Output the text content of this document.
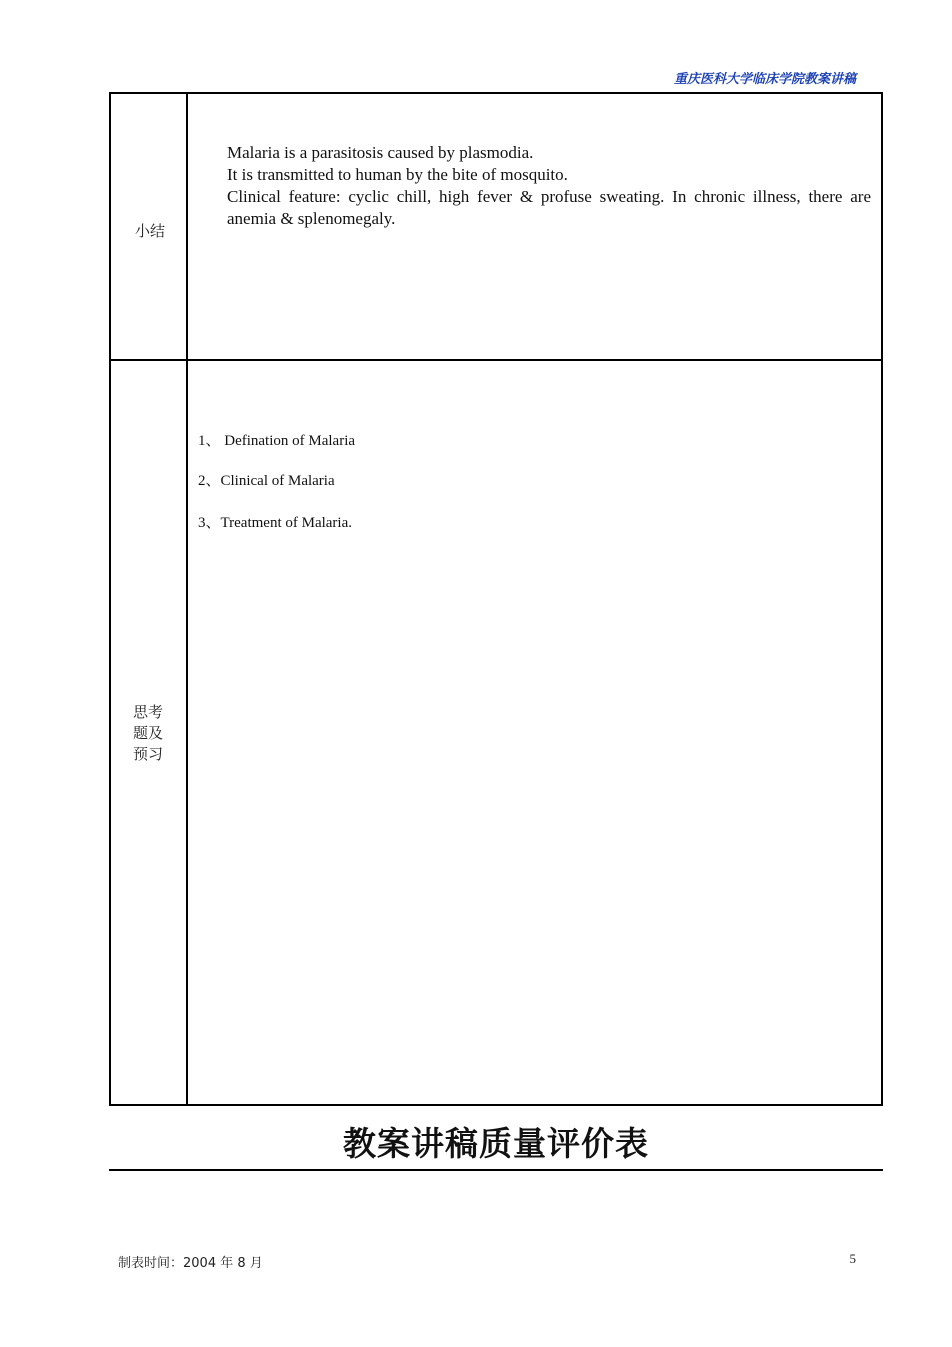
重庆医科大学临床学院教案讲稿
小结

Malaria is a parasitosis caused by plasmodia.

It is transmitted to human by the bite of mosquito.

Clinical feature: cyclic chill, high fever & profuse sweating. In chronic illness, there are anemia & splenomegaly.

思考题及预习
1、 Defination of Malaria
2、Clinical of Malaria
3、Treatment of Malaria.
教案讲稿质量评价表
制表时间：2004 年 8 月	5
